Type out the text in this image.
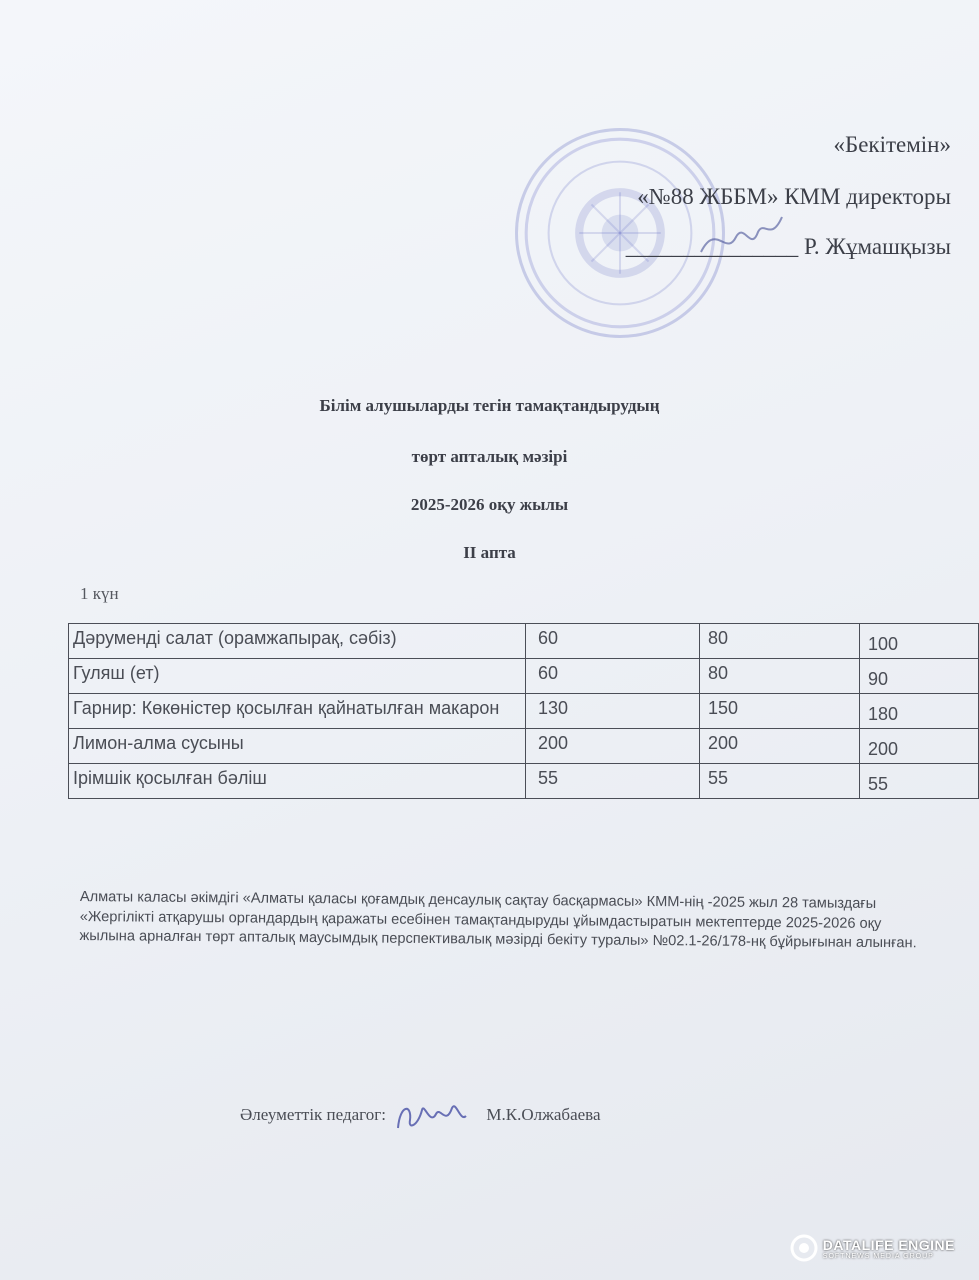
«Бекітемін»
«№88 ЖББМ» КММ директоры
_______________ Р. Жұмашқызы
Білім алушыларды тегін тамақтандырудың
төрт апталық мәзірі
2025-2026 оқу жылы
II апта
1 күн
Дәруменді салат (орамжапырақ, сәбіз)	60	80	100
Гуляш (ет)	60	80	90
Гарнир: Көкөністер қосылған қайнатылған макарон	130	150	180
Лимон-алма сусыны	200	200	200
Ірімшік қосылған бәліш	55	55	55
Алматы каласы әкімдігі «Алматы қаласы қоғамдық денсаулық сақтау басқармасы» КММ-нің -2025 жыл 28 тамыздағы «Жергілікті атқарушы органдардың қаражаты есебінен тамақтандыруды ұйымдастыратын мектептерде 2025-2026 оқу жылына арналған төрт апталық маусымдық перспективалық мәзірді бекіту туралы» №02.1-26/178-нқ бұйрығынан алынған.
Әлеуметтік педагог:	М.К.Олжабаева

DATALIFE ENGINE
SOFTNEWS MEDIA GROUP
